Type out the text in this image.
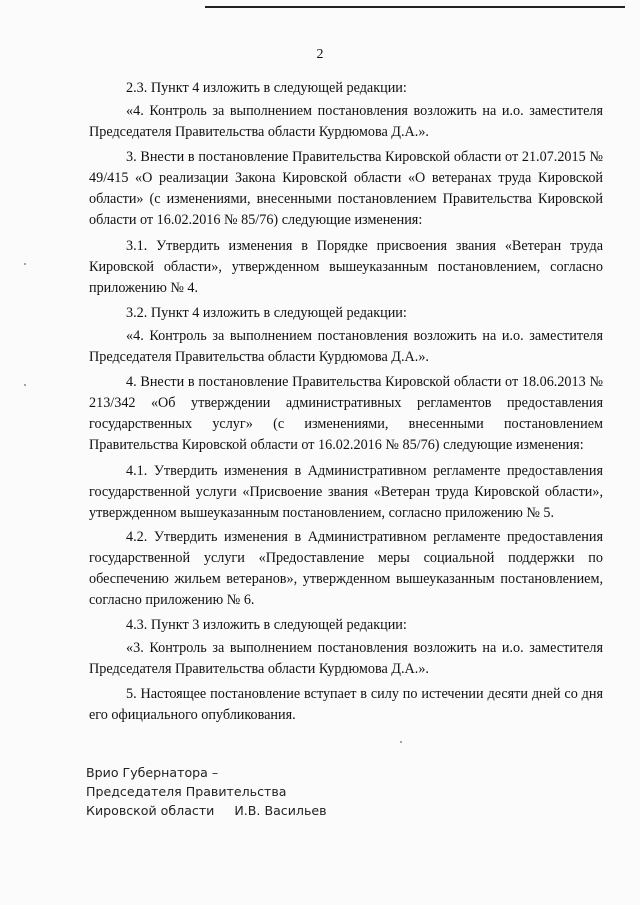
2
2.3. Пункт 4 изложить в следующей редакции:
«4. Контроль за выполнением постановления возложить на и.о. заместителя Председателя Правительства области Курдюмова Д.А.».
3. Внести в постановление Правительства Кировской области от 21.07.2015 № 49/415 «О реализации Закона Кировской области «О ветеранах труда Кировской области» (с изменениями, внесенными постановлением Правительства Кировской области от 16.02.2016 № 85/76) следующие изменения:
3.1. Утвердить изменения в Порядке присвоения звания «Ветеран труда Кировской области», утвержденном вышеуказанным постановлением, согласно приложению № 4.
3.2. Пункт 4 изложить в следующей редакции:
«4. Контроль за выполнением постановления возложить на и.о. заместителя Председателя Правительства области Курдюмова Д.А.».
4. Внести в постановление Правительства Кировской области от 18.06.2013 № 213/342 «Об утверждении административных регламентов предоставления государственных услуг» (с изменениями, внесенными постановлением Правительства Кировской области от 16.02.2016 № 85/76) следующие изменения:
4.1. Утвердить изменения в Административном регламенте предоставления государственной услуги «Присвоение звания «Ветеран труда Кировской области», утвержденном вышеуказанным постановлением, согласно приложению № 5.
4.2. Утвердить изменения в Административном регламенте предоставления государственной услуги «Предоставление меры социальной поддержки по обеспечению жильем ветеранов», утвержденном вышеуказанным постановлением, согласно приложению № 6.
4.3. Пункт 3 изложить в следующей редакции:
«3. Контроль за выполнением постановления возложить на и.о. заместителя Председателя Правительства области Курдюмова Д.А.».
5. Настоящее постановление вступает в силу по истечении десяти дней со дня его официального опубликования.
Врио Губернатора –
Председателя Правительства
Кировской области     И.В. Васильев
